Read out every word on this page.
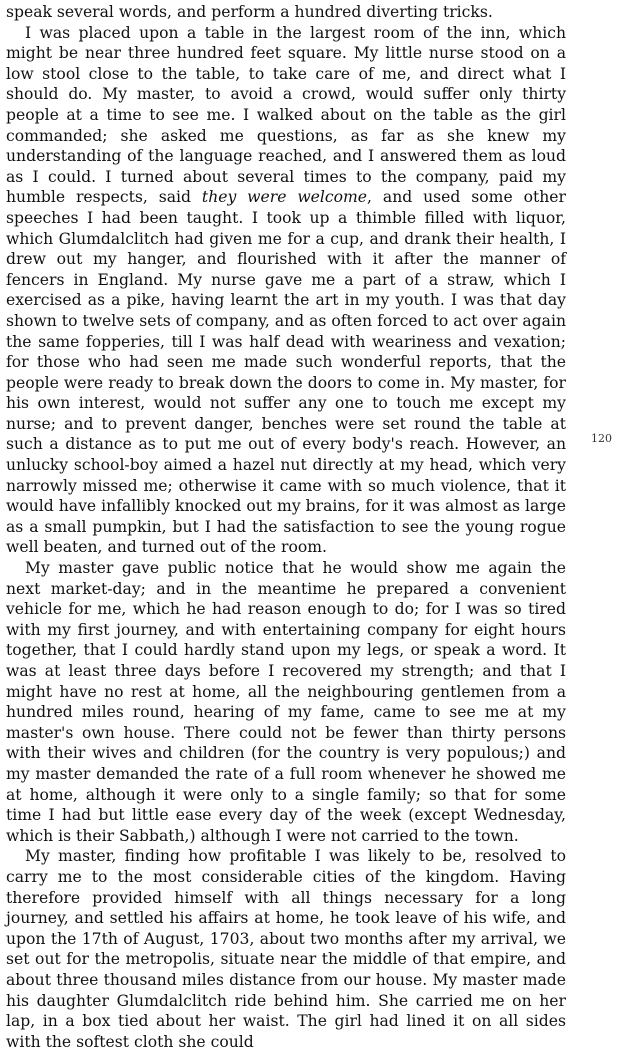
speak several words, and perform a hundred diverting tricks.

I was placed upon a table in the largest room of the inn, which might be near three hundred feet square. My little nurse stood on a low stool close to the table, to take care of me, and direct what I should do. My master, to avoid a crowd, would suffer only thirty people at a time to see me. I walked about on the table as the girl commanded; she asked me questions, as far as she knew my understanding of the language reached, and I answered them as loud as I could. I turned about several times to the company, paid my humble respects, said they were welcome, and used some other speeches I had been taught. I took up a thimble filled with liquor, which Glumdalclitch had given me for a cup, and drank their health, I drew out my hanger, and flourished with it after the manner of fencers in England. My nurse gave me a part of a straw, which I exercised as a pike, having learnt the art in my youth. I was that day shown to twelve sets of company, and as often forced to act over again the same fopperies, till I was half dead with weariness and vexation; for those who had seen me made such wonderful reports, that the people were ready to break down the doors to come in. My master, for his own interest, would not suffer any one to touch me except my nurse; and to prevent danger, benches were set round the table at such a distance as to put me out of every body's reach. However, an unlucky school-boy aimed a hazel nut directly at my head, which very narrowly missed me; otherwise it came with so much violence, that it would have infallibly knocked out my brains, for it was almost as large as a small pumpkin, but I had the satisfaction to see the young rogue well beaten, and turned out of the room.

My master gave public notice that he would show me again the next market-day; and in the meantime he prepared a convenient vehicle for me, which he had reason enough to do; for I was so tired with my first journey, and with entertaining company for eight hours together, that I could hardly stand upon my legs, or speak a word. It was at least three days before I recovered my strength; and that I might have no rest at home, all the neighbouring gentlemen from a hundred miles round, hearing of my fame, came to see me at my master's own house. There could not be fewer than thirty persons with their wives and children (for the country is very populous;) and my master demanded the rate of a full room whenever he showed me at home, although it were only to a single family; so that for some time I had but little ease every day of the week (except Wednesday, which is their Sabbath,) although I were not carried to the town.

My master, finding how profitable I was likely to be, resolved to carry me to the most considerable cities of the kingdom. Having therefore provided himself with all things necessary for a long journey, and settled his affairs at home, he took leave of his wife, and upon the 17th of August, 1703, about two months after my arrival, we set out for the metropolis, situate near the middle of that empire, and about three thousand miles distance from our house. My master made his daughter Glumdalclitch ride behind him. She carried me on her lap, in a box tied about her waist. The girl had lined it on all sides with the softest cloth she could

120
